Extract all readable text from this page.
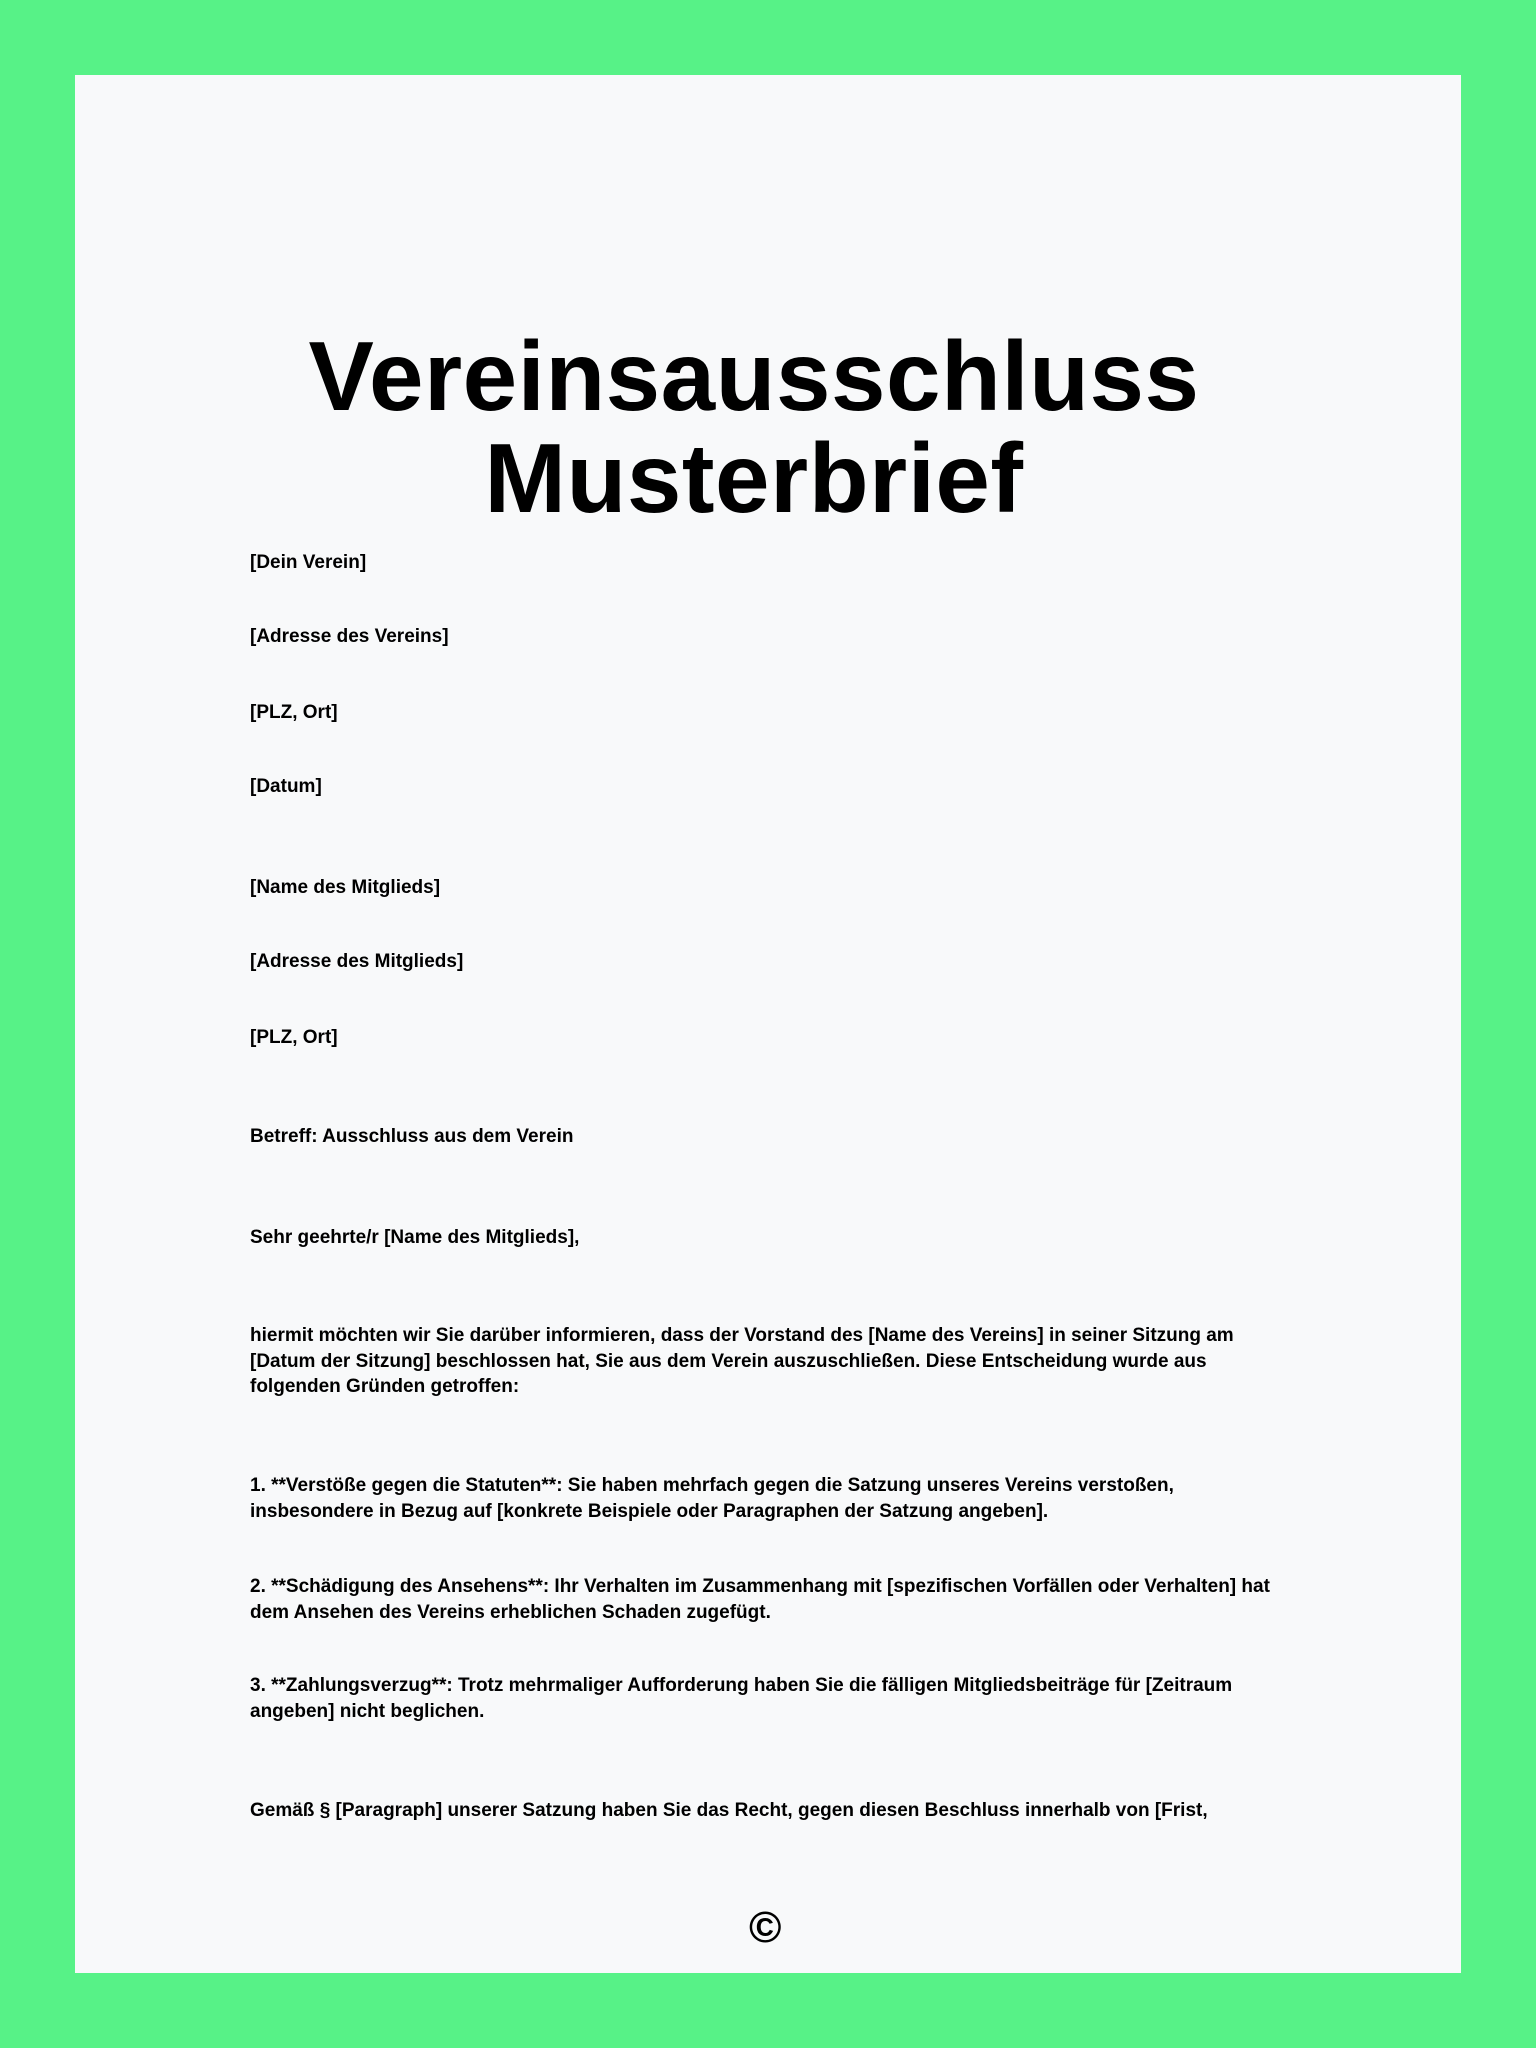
Vereinsausschluss
Musterbrief
[Dein Verein]
[Adresse des Vereins]
[PLZ, Ort]
[Datum]
[Name des Mitglieds]
[Adresse des Mitglieds]
[PLZ, Ort]
Betreff: Ausschluss aus dem Verein
Sehr geehrte/r [Name des Mitglieds],
hiermit möchten wir Sie darüber informieren, dass der Vorstand des [Name des Vereins] in seiner Sitzung am [Datum der Sitzung] beschlossen hat, Sie aus dem Verein auszuschließen. Diese Entscheidung wurde aus folgenden Gründen getroffen:
1. **Verstöße gegen die Statuten**: Sie haben mehrfach gegen die Satzung unseres Vereins verstoßen, insbesondere in Bezug auf [konkrete Beispiele oder Paragraphen der Satzung angeben].
2. **Schädigung des Ansehens**: Ihr Verhalten im Zusammenhang mit [spezifischen Vorfällen oder Verhalten] hat dem Ansehen des Vereins erheblichen Schaden zugefügt.
3. **Zahlungsverzug**: Trotz mehrmaliger Aufforderung haben Sie die fälligen Mitgliedsbeiträge für [Zeitraum angeben] nicht beglichen.
Gemäß § [Paragraph] unserer Satzung haben Sie das Recht, gegen diesen Beschluss innerhalb von [Frist,
©
